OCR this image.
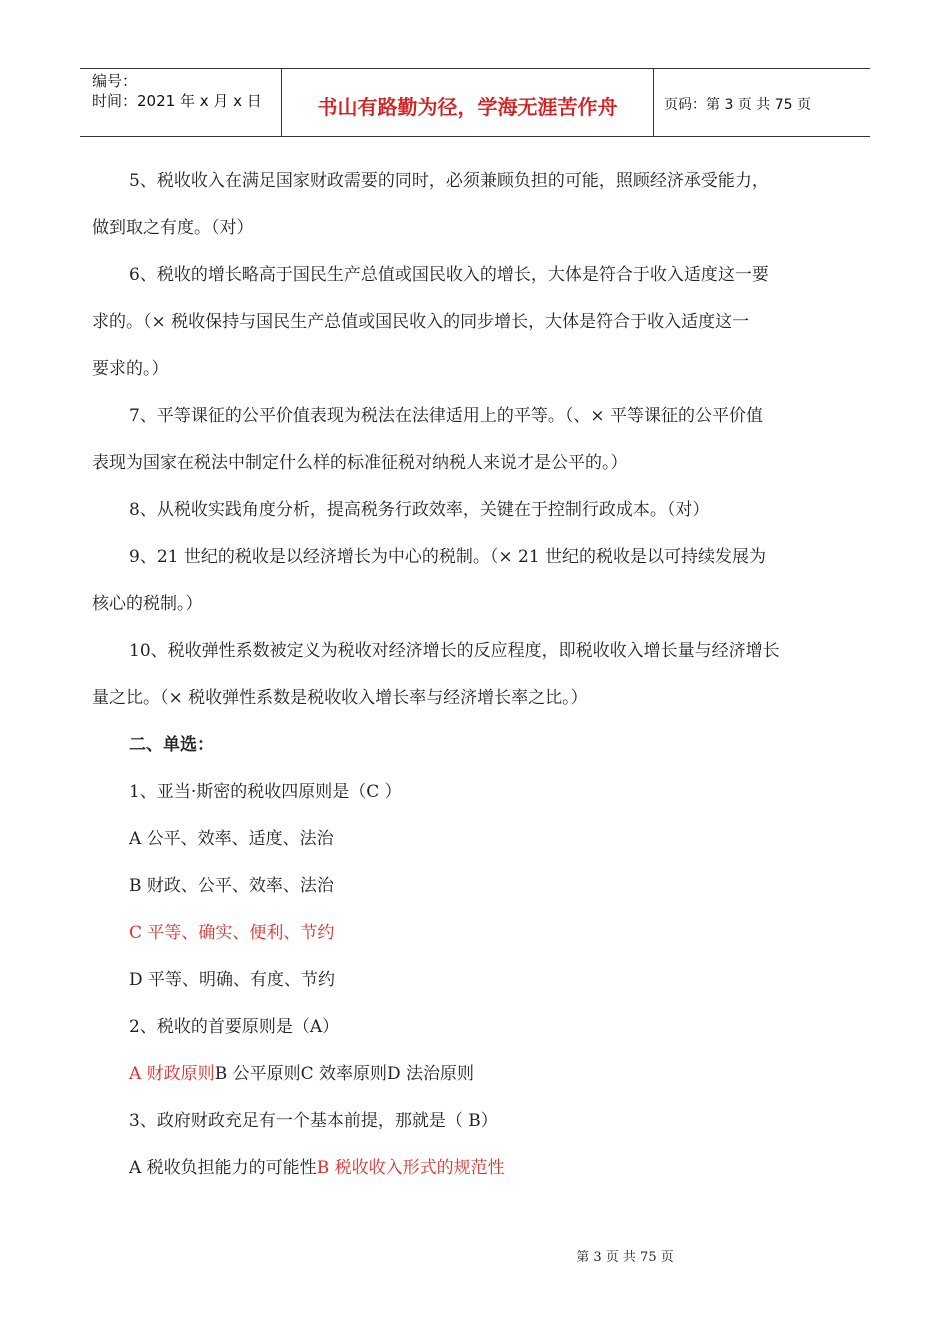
编号：
时间：2021 年 x 月 x 日	书山有路勤为径，学海无涯苦作舟	页码：第 3 页 共 75 页
5、税收收入在满足国家财政需要的同时，必须兼顾负担的可能，照顾经济承受能力，
做到取之有度。（对）
6、税收的增长略高于国民生产总值或国民收入的增长，大体是符合于收入适度这一要
求的。（× 税收保持与国民生产总值或国民收入的同步增长，大体是符合于收入适度这一
要求的。）
7、平等课征的公平价值表现为税法在法律适用上的平等。（、× 平等课征的公平价值
表现为国家在税法中制定什么样的标准征税对纳税人来说才是公平的。）
8、从税收实践角度分析，提高税务行政效率，关键在于控制行政成本。（对）
9、21 世纪的税收是以经济增长为中心的税制。（× 21 世纪的税收是以可持续发展为
核心的税制。）
10、税收弹性系数被定义为税收对经济增长的反应程度，即税收收入增长量与经济增长
量之比。（× 税收弹性系数是税收收入增长率与经济增长率之比。）
二、单选：
1、亚当·斯密的税收四原则是（C ）
A 公平、效率、适度、法治
B 财政、公平、效率、法治
C 平等、确实、便利、节约
D 平等、明确、有度、节约
2、税收的首要原则是（A）
A 财政原则B 公平原则C 效率原则D 法治原则
3、政府财政充足有一个基本前提，那就是（ B）
A 税收负担能力的可能性B 税收收入形式的规范性
第 3 页 共 75 页
